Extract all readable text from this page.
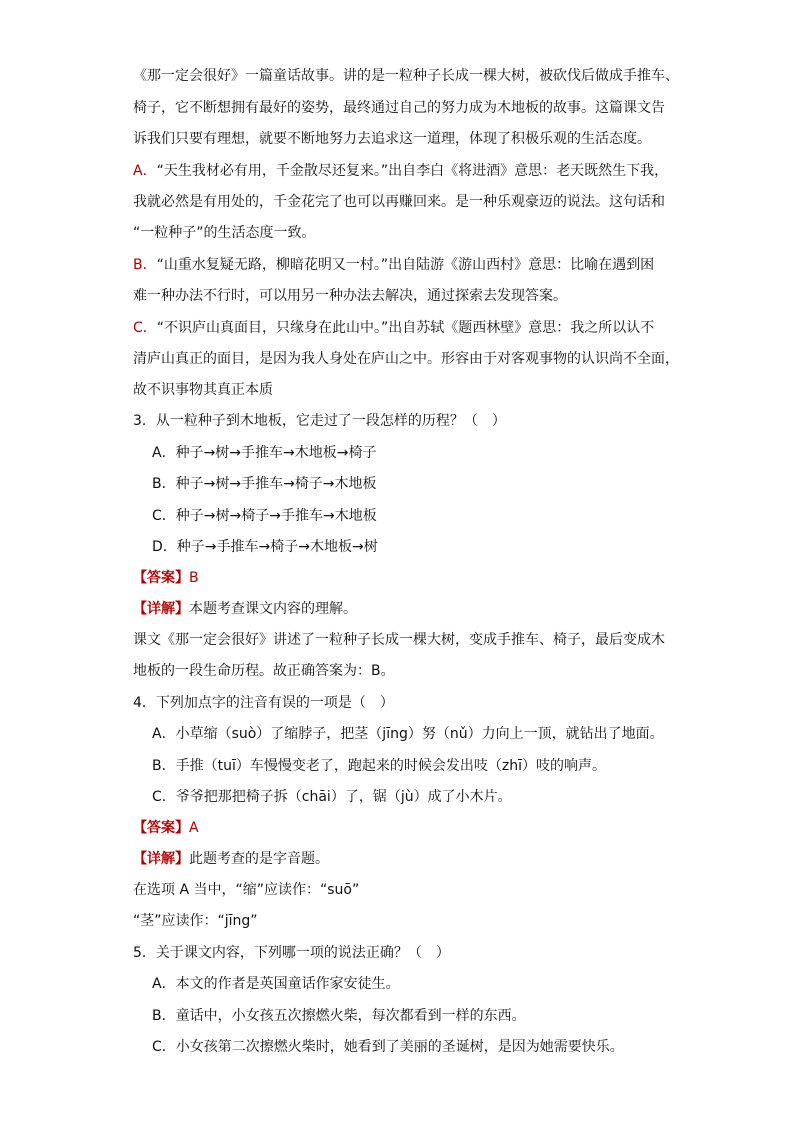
《那一定会很好》一篇童话故事。讲的是一粒种子长成一棵大树，被砍伐后做成手推车、
椅子，它不断想拥有最好的姿势，最终通过自己的努力成为木地板的故事。这篇课文告
诉我们只要有理想，就要不断地努力去追求这一道理，体现了积极乐观的生活态度。
A．“天生我材必有用，千金散尽还复来。”出自李白《将进酒》意思：老天既然生下我，
我就必然是有用处的，千金花完了也可以再赚回来。是一种乐观豪迈的说法。这句话和
“一粒种子”的生活态度一致。
B．“山重水复疑无路，柳暗花明又一村。”出自陆游《游山西村》意思：比喻在遇到困
难一种办法不行时，可以用另一种办法去解决，通过探索去发现答案。
C．“不识庐山真面目，只缘身在此山中。”出自苏轼《题西林壁》意思：我之所以认不
清庐山真正的面目，是因为我人身处在庐山之中。形容由于对客观事物的认识尚不全面，
故不识事物其真正本质
3．从一粒种子到木地板，它走过了一段怎样的历程？（　）
A．种子→树→手推车→木地板→椅子
B．种子→树→手推车→椅子→木地板
C．种子→树→椅子→手推车→木地板
D．种子→手推车→椅子→木地板→树
【答案】B
【详解】本题考查课文内容的理解。
课文《那一定会很好》讲述了一粒种子长成一棵大树，变成手推车、椅子，最后变成木
地板的一段生命历程。故正确答案为：B。
4．下列加点字的注音有误的一项是（　）
A．小草缩（suò）了缩脖子，把茎（jīng）努（nǔ）力向上一顶，就钻出了地面。
B．手推（tuī）车慢慢变老了，跑起来的时候会发出吱（zhī）吱的响声。
C．爷爷把那把椅子拆（chāi）了，锯（jù）成了小木片。
【答案】A
【详解】此题考查的是字音题。
在选项 A 当中，“缩”应读作：“suō”
“茎”应读作：“jīng”
5．关于课文内容，下列哪一项的说法正确？（　）
A．本文的作者是英国童话作家安徒生。
B．童话中，小女孩五次擦燃火柴，每次都看到一样的东西。
C．小女孩第二次擦燃火柴时，她看到了美丽的圣诞树，是因为她需要快乐。
